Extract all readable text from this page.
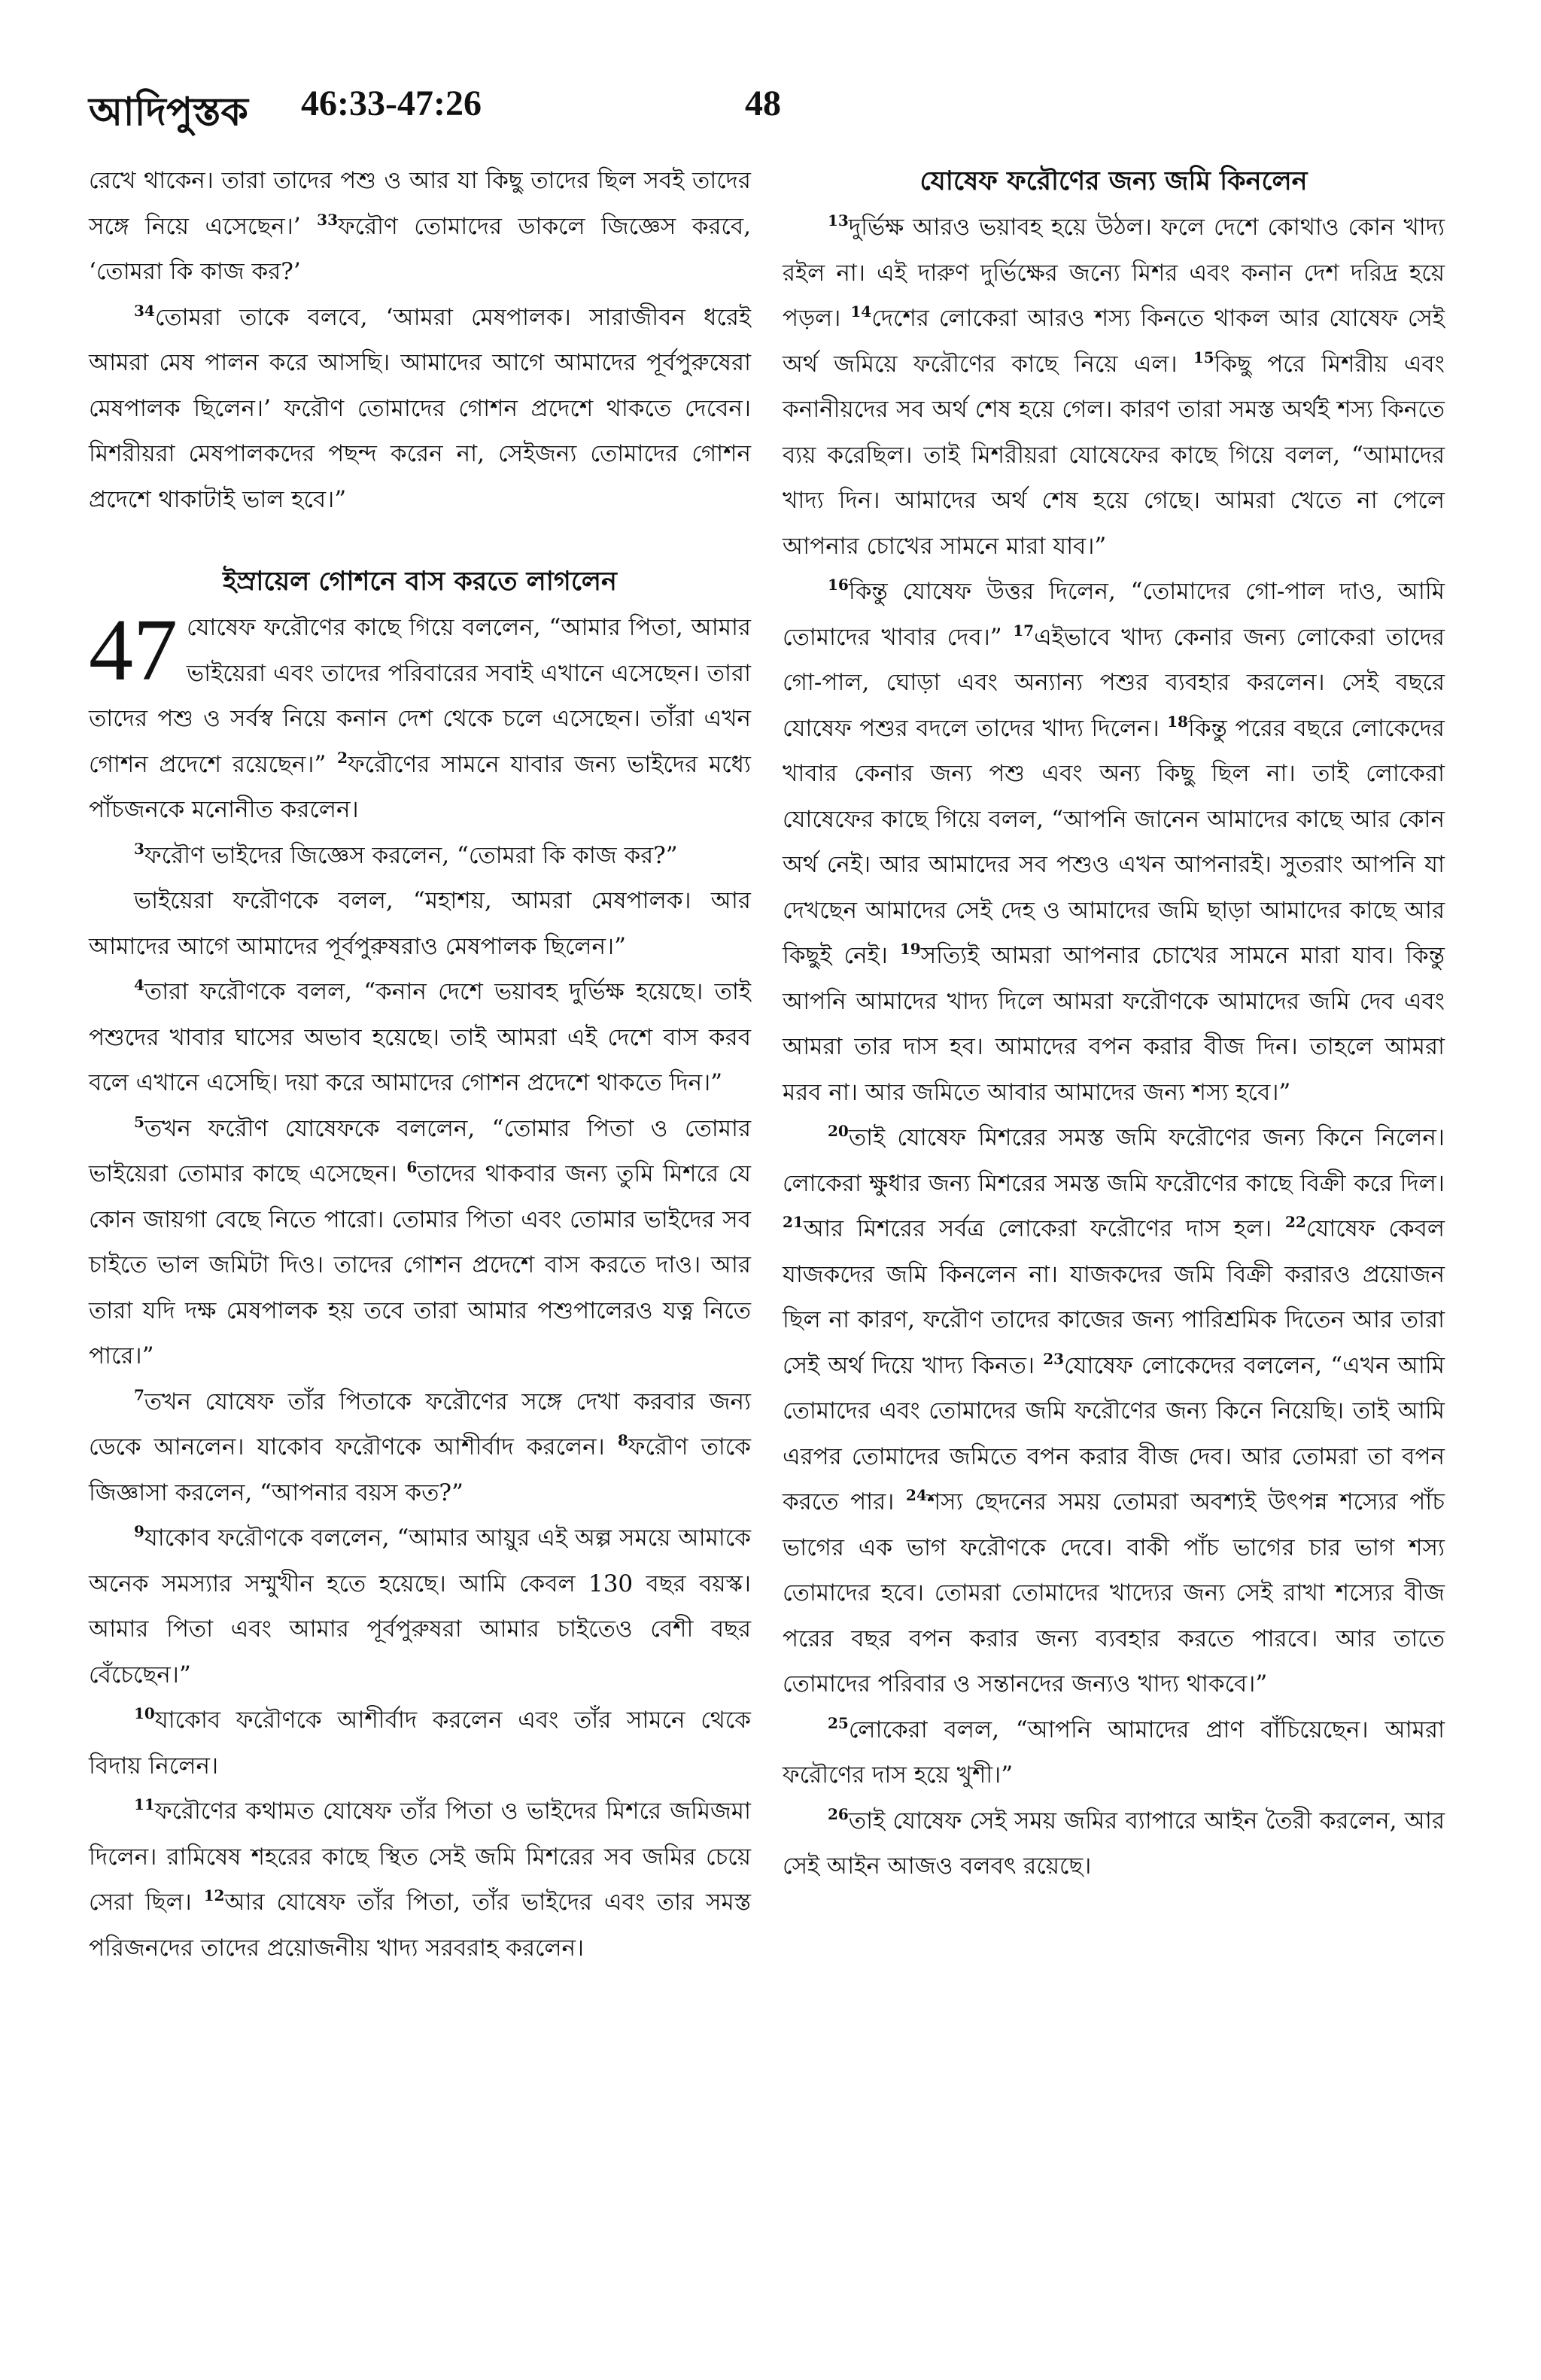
আদিপুস্তক 46:33-47:26	48

রেখে থাকেন। তারা তাদের পশু ও আর যা কিছু তাদের ছিল সবই তাদের সঙ্গে নিয়ে এসেছেন।’ $^{33}$ফরৌণ তোমাদের ডাকলে জিজ্ঞেস করবে, ‘তোমরা কি কাজ কর?’

$^{34}$তোমরা তাকে বলবে, ‘আমরা মেষপালক। সারাজীবন ধরেই আমরা মেষ পালন করে আসছি। আমাদের আগে আমাদের পূর্বপুরুষেরা মেষপালক ছিলেন।’ ফরৌণ তোমাদের গোশন প্রদেশে থাকতে দেবেন। মিশরীয়রা মেষপালকদের পছন্দ করেন না, সেইজন্য তোমাদের গোশন প্রদেশে থাকাটাই ভাল হবে।”

ইস্রায়েল গোশনে বাস করতে লাগলেন

47 যোষেফ ফরৌণের কাছে গিয়ে বললেন, “আমার পিতা, আমার ভাইয়েরা এবং তাদের পরিবারের সবাই এখানে এসেছেন। তারা তাদের পশু ও সর্বস্ব নিয়ে কনান দেশ থেকে চলে এসেছেন। তাঁরা এখন গোশন প্রদেশে রয়েছেন।” $^2$ফরৌণের সামনে যাবার জন্য ভাইদের মধ্যে পাঁচজনকে মনোনীত করলেন।

$^3$ফরৌণ ভাইদের জিজ্ঞেস করলেন, “তোমরা কি কাজ কর?”

ভাইয়েরা ফরৌণকে বলল, “মহাশয়, আমরা মেষপালক। আর আমাদের আগে আমাদের পূর্বপুরুষরাও মেষপালক ছিলেন।”

$^4$তারা ফরৌণকে বলল, “কনান দেশে ভয়াবহ দুর্ভিক্ষ হয়েছে। তাই পশুদের খাবার ঘাসের অভাব হয়েছে। তাই আমরা এই দেশে বাস করব বলে এখানে এসেছি। দয়া করে আমাদের গোশন প্রদেশে থাকতে দিন।”

$^5$তখন ফরৌণ যোষেফকে বললেন, “তোমার পিতা ও তোমার ভাইয়েরা তোমার কাছে এসেছেন। $^6$তাদের থাকবার জন্য তুমি মিশরে যে কোন জায়গা বেছে নিতে পারো। তোমার পিতা এবং তোমার ভাইদের সব চাইতে ভাল জমিটা দিও। তাদের গোশন প্রদেশে বাস করতে দাও। আর তারা যদি দক্ষ মেষপালক হয় তবে তারা আমার পশুপালেরও যত্ন নিতে পারে।”

$^7$তখন যোষেফ তাঁর পিতাকে ফরৌণের সঙ্গে দেখা করবার জন্য ডেকে আনলেন। যাকোব ফরৌণকে আশীর্বাদ করলেন। $^8$ফরৌণ তাকে জিজ্ঞাসা করলেন, “আপনার বয়স কত?”

$^9$যাকোব ফরৌণকে বললেন, “আমার আয়ুর এই অল্প সময়ে আমাকে অনেক সমস্যার সম্মুখীন হতে হয়েছে। আমি কেবল 130 বছর বয়স্ক। আমার পিতা এবং আমার পূর্বপুরুষরা আমার চাইতেও বেশী বছর বেঁচেছেন।”

$^{10}$যাকোব ফরৌণকে আশীর্বাদ করলেন এবং তাঁর সামনে থেকে বিদায় নিলেন।

$^{11}$ফরৌণের কথামত যোষেফ তাঁর পিতা ও ভাইদের মিশরে জমিজমা দিলেন। রামিষেষ শহরের কাছে স্থিত সেই জমি মিশরের সব জমির চেয়ে সেরা ছিল। $^{12}$আর যোষেফ তাঁর পিতা, তাঁর ভাইদের এবং তার সমস্ত পরিজনদের তাদের প্রয়োজনীয় খাদ্য সরবরাহ করলেন।

যোষেফ ফরৌণের জন্য জমি কিনলেন

$^{13}$দুর্ভিক্ষ আরও ভয়াবহ হয়ে উঠল। ফলে দেশে কোথাও কোন খাদ্য রইল না। এই দারুণ দুর্ভিক্ষের জন্যে মিশর এবং কনান দেশ দরিদ্র হয়ে পড়ল। $^{14}$দেশের লোকেরা আরও শস্য কিনতে থাকল আর যোষেফ সেই অর্থ জমিয়ে ফরৌণের কাছে নিয়ে এল। $^{15}$কিছু পরে মিশরীয় এবং কনানীয়দের সব অর্থ শেষ হয়ে গেল। কারণ তারা সমস্ত অর্থই শস্য কিনতে ব্যয় করেছিল। তাই মিশরীয়রা যোষেফের কাছে গিয়ে বলল, “আমাদের খাদ্য দিন। আমাদের অর্থ শেষ হয়ে গেছে। আমরা খেতে না পেলে আপনার চোখের সামনে মারা যাব।”

$^{16}$কিন্তু যোষেফ উত্তর দিলেন, “তোমাদের গো-পাল দাও, আমি তোমাদের খাবার দেব।” $^{17}$এইভাবে খাদ্য কেনার জন্য লোকেরা তাদের গো-পাল, ঘোড়া এবং অন্যান্য পশুর ব্যবহার করলেন। সেই বছরে যোষেফ পশুর বদলে তাদের খাদ্য দিলেন। $^{18}$কিন্তু পরের বছরে লোকেদের খাবার কেনার জন্য পশু এবং অন্য কিছু ছিল না। তাই লোকেরা যোষেফের কাছে গিয়ে বলল, “আপনি জানেন আমাদের কাছে আর কোন অর্থ নেই। আর আমাদের সব পশুও এখন আপনারই। সুতরাং আপনি যা দেখছেন আমাদের সেই দেহ ও আমাদের জমি ছাড়া আমাদের কাছে আর কিছুই নেই। $^{19}$সত্যিই আমরা আপনার চোখের সামনে মারা যাব। কিন্তু আপনি আমাদের খাদ্য দিলে আমরা ফরৌণকে আমাদের জমি দেব এবং আমরা তার দাস হব। আমাদের বপন করার বীজ দিন। তাহলে আমরা মরব না। আর জমিতে আবার আমাদের জন্য শস্য হবে।”

$^{20}$তাই যোষেফ মিশরের সমস্ত জমি ফরৌণের জন্য কিনে নিলেন। লোকেরা ক্ষুধার জন্য মিশরের সমস্ত জমি ফরৌণের কাছে বিক্রী করে দিল। $^{21}$আর মিশরের সর্বত্র লোকেরা ফরৌণের দাস হল। $^{22}$যোষেফ কেবল যাজকদের জমি কিনলেন না। যাজকদের জমি বিক্রী করারও প্রয়োজন ছিল না কারণ, ফরৌণ তাদের কাজের জন্য পারিশ্রমিক দিতেন আর তারা সেই অর্থ দিয়ে খাদ্য কিনত। $^{23}$যোষেফ লোকেদের বললেন, “এখন আমি তোমাদের এবং তোমাদের জমি ফরৌণের জন্য কিনে নিয়েছি। তাই আমি এরপর তোমাদের জমিতে বপন করার বীজ দেব। আর তোমরা তা বপন করতে পার। $^{24}$শস্য ছেদনের সময় তোমরা অবশ্যই উৎপন্ন শস্যের পাঁচ ভাগের এক ভাগ ফরৌণকে দেবে। বাকী পাঁচ ভাগের চার ভাগ শস্য তোমাদের হবে। তোমরা তোমাদের খাদ্যের জন্য সেই রাখা শস্যের বীজ পরের বছর বপন করার জন্য ব্যবহার করতে পারবে। আর তাতে তোমাদের পরিবার ও সন্তানদের জন্যও খাদ্য থাকবে।”

$^{25}$লোকেরা বলল, “আপনি আমাদের প্রাণ বাঁচিয়েছেন। আমরা ফরৌণের দাস হয়ে খুশী।”

$^{26}$তাই যোষেফ সেই সময় জমির ব্যাপারে আইন তৈরী করলেন, আর সেই আইন আজও বলবৎ রয়েছে।
